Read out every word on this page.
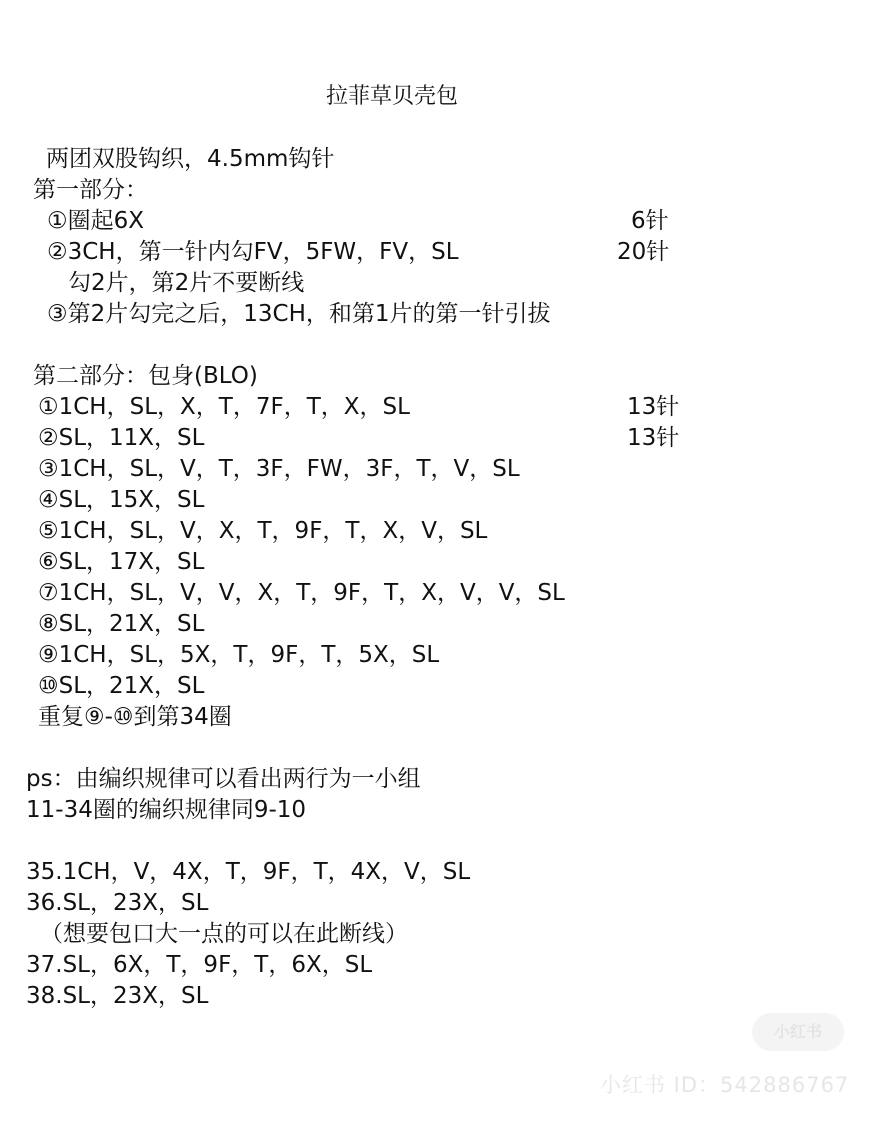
拉菲草贝壳包
两团双股钩织，4.5mm钩针
第一部分：
①圈起6X	6针
②3CH，第一针内勾FV，5FW，FV，SL	20针
勾2片，第2片不要断线
③第2片勾完之后，13CH，和第1片的第一针引拔
第二部分：包身(BLO)
①1CH，SL，X，T，7F，T，X，SL	13针
②SL，11X，SL	13针
③1CH，SL，V，T，3F，FW，3F，T，V，SL
④SL，15X，SL
⑤1CH，SL，V，X，T，9F，T，X，V，SL
⑥SL，17X，SL
⑦1CH，SL，V，V，X，T，9F，T，X，V，V，SL
⑧SL，21X，SL
⑨1CH，SL，5X，T，9F，T，5X，SL
⑩SL，21X，SL
重复⑨-⑩到第34圈
ps：由编织规律可以看出两行为一小组
11-34圈的编织规律同9-10
35.1CH，V，4X，T，9F，T，4X，V，SL
36.SL，23X，SL
（想要包口大一点的可以在此断线）
37.SL，6X，T，9F，T，6X，SL
38.SL，23X，SL
小红书
小红书 ID：542886767
